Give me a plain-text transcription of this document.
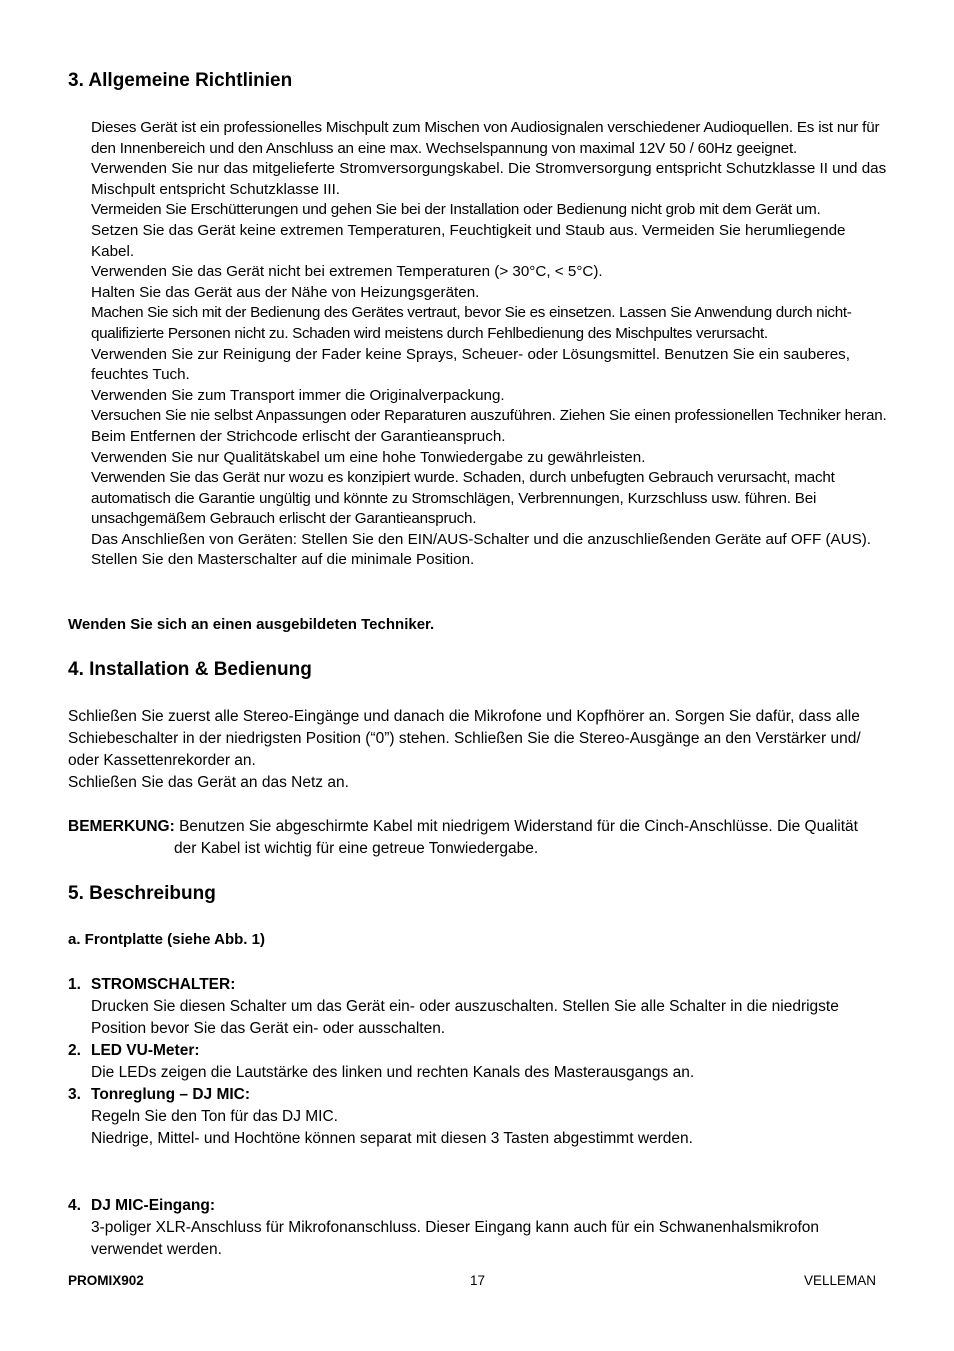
3. Allgemeine Richtlinien

Dieses Gerät ist ein professionelles Mischpult zum Mischen von Audiosignalen verschiedener Audioquellen. Es ist nur für den Innenbereich und den Anschluss an eine max. Wechselspannung von maximal 12V 50 / 60Hz geeignet.

Verwenden Sie nur das mitgelieferte Stromversorgungskabel. Die Stromversorgung entspricht Schutzklasse II und das Mischpult entspricht Schutzklasse III.

Vermeiden Sie Erschütterungen und gehen Sie bei der Installation oder Bedienung nicht grob mit dem Gerät um.

Setzen Sie das Gerät keine extremen Temperaturen, Feuchtigkeit und Staub aus. Vermeiden Sie herumliegende Kabel.

Verwenden Sie das Gerät nicht bei extremen Temperaturen (> 30°C, < 5°C).

Halten Sie das Gerät aus der Nähe von Heizungsgeräten.

Machen Sie sich mit der Bedienung des Gerätes vertraut, bevor Sie es einsetzen. Lassen Sie Anwendung durch nicht-qualifizierte Personen nicht zu. Schaden wird meistens durch Fehlbedienung des Mischpultes verursacht.

Verwenden Sie zur Reinigung der Fader keine Sprays, Scheuer- oder Lösungsmittel. Benutzen Sie ein sauberes, feuchtes Tuch.

Verwenden Sie zum Transport immer die Originalverpackung.

Versuchen Sie nie selbst Anpassungen oder Reparaturen auszuführen. Ziehen Sie einen professionellen Techniker heran.

Beim Entfernen der Strichcode erlischt der Garantieanspruch.

Verwenden Sie nur Qualitätskabel um eine hohe Tonwiedergabe zu gewährleisten.

Verwenden Sie das Gerät nur wozu es konzipiert wurde. Schaden, durch unbefugten Gebrauch verursacht, macht automatisch die Garantie ungültig und könnte zu Stromschlägen, Verbrennungen, Kurzschluss usw. führen. Bei unsachgemäßem Gebrauch erlischt der Garantieanspruch.

Das Anschließen von Geräten: Stellen Sie den EIN/AUS-Schalter und die anzuschließenden Geräte auf OFF (AUS). Stellen Sie den Masterschalter auf die minimale Position.

Wenden Sie sich an einen ausgebildeten Techniker.
4. Installation & Bedienung

Schließen Sie zuerst alle Stereo-Eingänge und danach die Mikrofone und Kopfhörer an. Sorgen Sie dafür, dass alle Schiebeschalter in der niedrigsten Position (“0”) stehen. Schließen Sie die Stereo-Ausgänge an den Verstärker und/ oder Kassettenrekorder an.

Schließen Sie das Gerät an das Netz an.

BEMERKUNG: Benutzen Sie abgeschirmte Kabel mit niedrigem Widerstand für die Cinch-Anschlüsse. Die Qualität
der Kabel ist wichtig für eine getreue Tonwiedergabe.
5. Beschreibung
a. Frontplatte (siehe Abb. 1)
1. STROMSCHALTER:

Drucken Sie diesen Schalter um das Gerät ein- oder auszuschalten. Stellen Sie alle Schalter in die niedrigste Position bevor Sie das Gerät ein- oder ausschalten.

2. LED VU-Meter:

Die LEDs zeigen die Lautstärke des linken und rechten Kanals des Masterausgangs an.

3. Tonreglung – DJ MIC:

Regeln Sie den Ton für das DJ MIC.

Niedrige, Mittel- und Hochtöne können separat mit diesen 3 Tasten abgestimmt werden.

4. DJ MIC-Eingang:

3-poliger XLR-Anschluss für Mikrofonanschluss. Dieser Eingang kann auch für ein Schwanenhalsmikrofon verwendet werden.

PROMIX902	17	VELLEMAN
